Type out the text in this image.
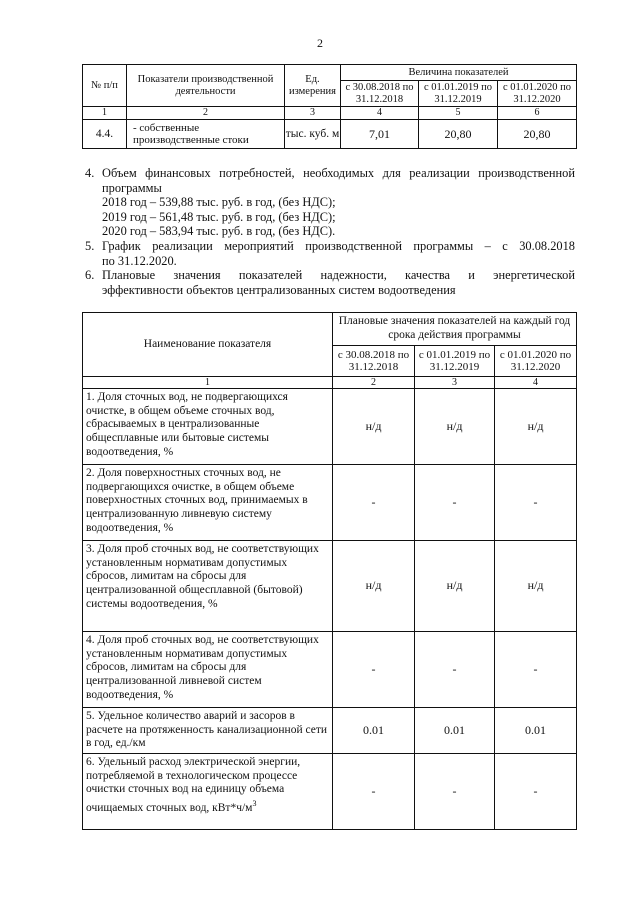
2
№ п/п	Показатели производственной деятельности	Ед. измерения	Величина показателей		
			с 30.08.2018 по 31.12.2018	с 01.01.2019 по 31.12.2019	с 01.01.2020 по 31.12.2020
1	2	3	4	5	6
4.4.	- собственные производственные стоки	тыс. куб. м	7,01	20,80	20,80
4. Объем финансовых потребностей, необходимых для реализации производственной
программы
2018 год – 539,88 тыс. руб. в год, (без НДС);
2019 год – 561,48 тыс. руб. в год, (без НДС);
2020 год – 583,94 тыс. руб. в год, (без НДС).
5. График реализации мероприятий производственной программы – с 30.08.2018
по 31.12.2020.
6. Плановые значения показателей надежности, качества и энергетической
эффективности объектов централизованных систем водоотведения
Наименование показателя	Плановые значения показателей на каждый год срока действия программы		
	с 30.08.2018 по 31.12.2018	с 01.01.2019 по 31.12.2019	с 01.01.2020 по 31.12.2020
1	2	3	4
1. Доля сточных вод, не подвергающихся очистке, в общем объеме сточных вод, сбрасываемых в централизованные общесплавные или бытовые системы водоотведения, %	н/д	н/д	н/д
2. Доля поверхностных сточных вод, не подвергающихся очистке, в общем объеме поверхностных сточных вод, принимаемых в централизованную ливневую систему водоотведения, %	-	-	-
3. Доля проб сточных вод, не соответствующих установленным нормативам допустимых сбросов, лимитам на сбросы для централизованной общесплавной (бытовой) системы водоотведения, %	н/д	н/д	н/д
4. Доля проб сточных вод, не соответствующих установленным нормативам допустимых сбросов, лимитам на сбросы для централизованной ливневой систем водоотведения, %	-	-	-
5. Удельное количество аварий и засоров в расчете на протяженность канализационной сети в год, ед./км	0.01	0.01	0.01
6. Удельный расход электрической энергии, потребляемой в технологическом процессе очистки сточных вод на единицу объема очищаемых сточных вод, $кВт*ч/м^3$	-	-	-
